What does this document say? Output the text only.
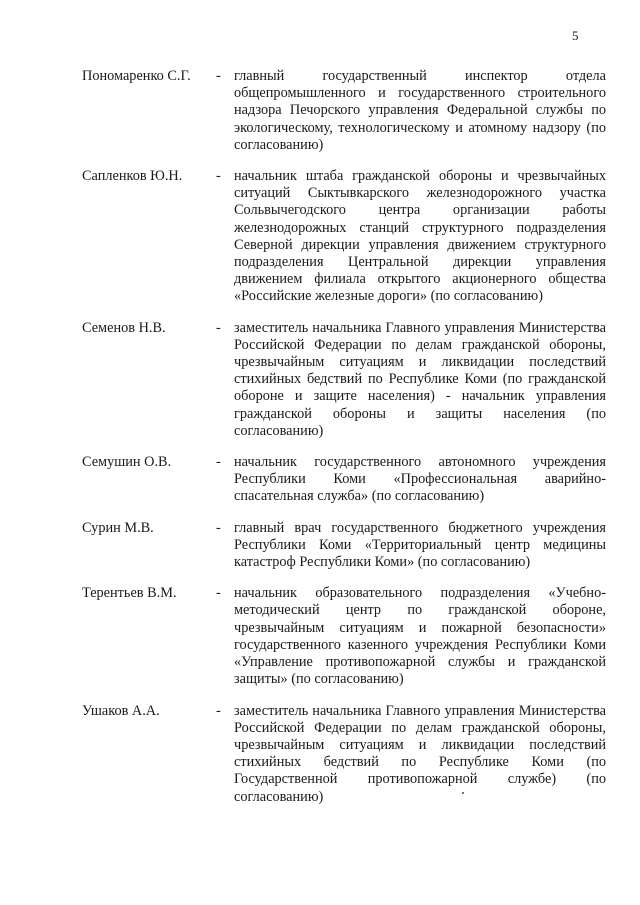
5
Пономаренко С.Г.	- главный государственный инспектор отдела общепромышленного и государственного строительного надзора Печорского управления Федеральной службы по экологическому, технологическому и атомному надзору (по согласованию)
Сапленков Ю.Н.	- начальник штаба гражданской обороны и чрезвычайных ситуаций Сыктывкарского железнодорожного участка Сольвычегодского центра организации работы железнодорожных станций структурного подразделения Северной дирекции управления движением структурного подразделения Центральной дирекции управления движением филиала открытого акционерного общества «Российские железные дороги» (по согласованию)
Семенов Н.В.	- заместитель начальника Главного управления Министерства Российской Федерации по делам гражданской обороны, чрезвычайным ситуациям и ликвидации последствий стихийных бедствий по Республике Коми (по гражданской обороне и защите населения) - начальник управления гражданской обороны и защиты населения (по согласованию)
Семушин О.В.	- начальник государственного автономного учреждения Республики Коми «Профессиональная аварийно-спасательная служба» (по согласованию)
Сурин М.В.	- главный врач государственного бюджетного учреждения Республики Коми «Территориальный центр медицины катастроф Республики Коми» (по согласованию)
Терентьев В.М.	- начальник образовательного подразделения «Учебно-методический центр по гражданской обороне, чрезвычайным ситуациям и пожарной безопасности» государственного казенного учреждения Республики Коми «Управление противопожарной службы и гражданской защиты» (по согласованию)
Ушаков А.А.	- заместитель начальника Главного управления Министерства Российской Федерации по делам гражданской обороны, чрезвычайным ситуациям и ликвидации последствий стихийных бедствий по Республике Коми (по Государственной противопожарной службе) (по согласованию)
